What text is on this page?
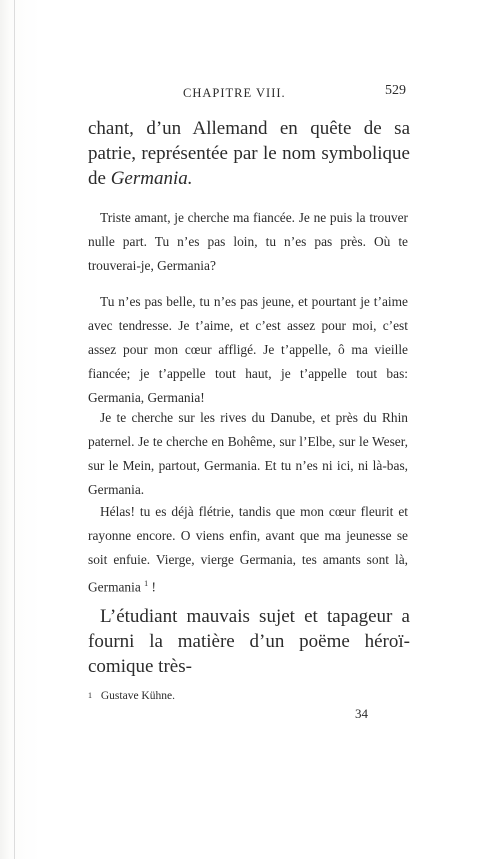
CHAPITRE VIII.	529

chant, d’un Allemand en quête de sa patrie, représentée par le nom symbolique de Germania.

Triste amant, je cherche ma fiancée. Je ne puis la trouver nulle part. Tu n’es pas loin, tu n’es pas près. Où te trouverai-je, Germania?

Tu n’es pas belle, tu n’es pas jeune, et pourtant je t’aime avec tendresse. Je t’aime, et c’est assez pour moi, c’est assez pour mon cœur affligé. Je t’appelle, ô ma vieille fiancée; je t’appelle tout haut, je t’appelle tout bas: Germania, Germania!

Je te cherche sur les rives du Danube, et près du Rhin paternel. Je te cherche en Bohême, sur l’Elbe, sur le Weser, sur le Mein, partout, Germania. Et tu n’es ni ici, ni là-bas, Germania.

Hélas! tu es déjà flétrie, tandis que mon cœur fleurit et rayonne encore. O viens enfin, avant que ma jeunesse se soit enfuie. Vierge, vierge Germania, tes amants sont là, Germania $^1$ !

L’étudiant mauvais sujet et tapageur a fourni la matière d’un poëme héroï-comique très-

1 Gustave Kühne.
34
